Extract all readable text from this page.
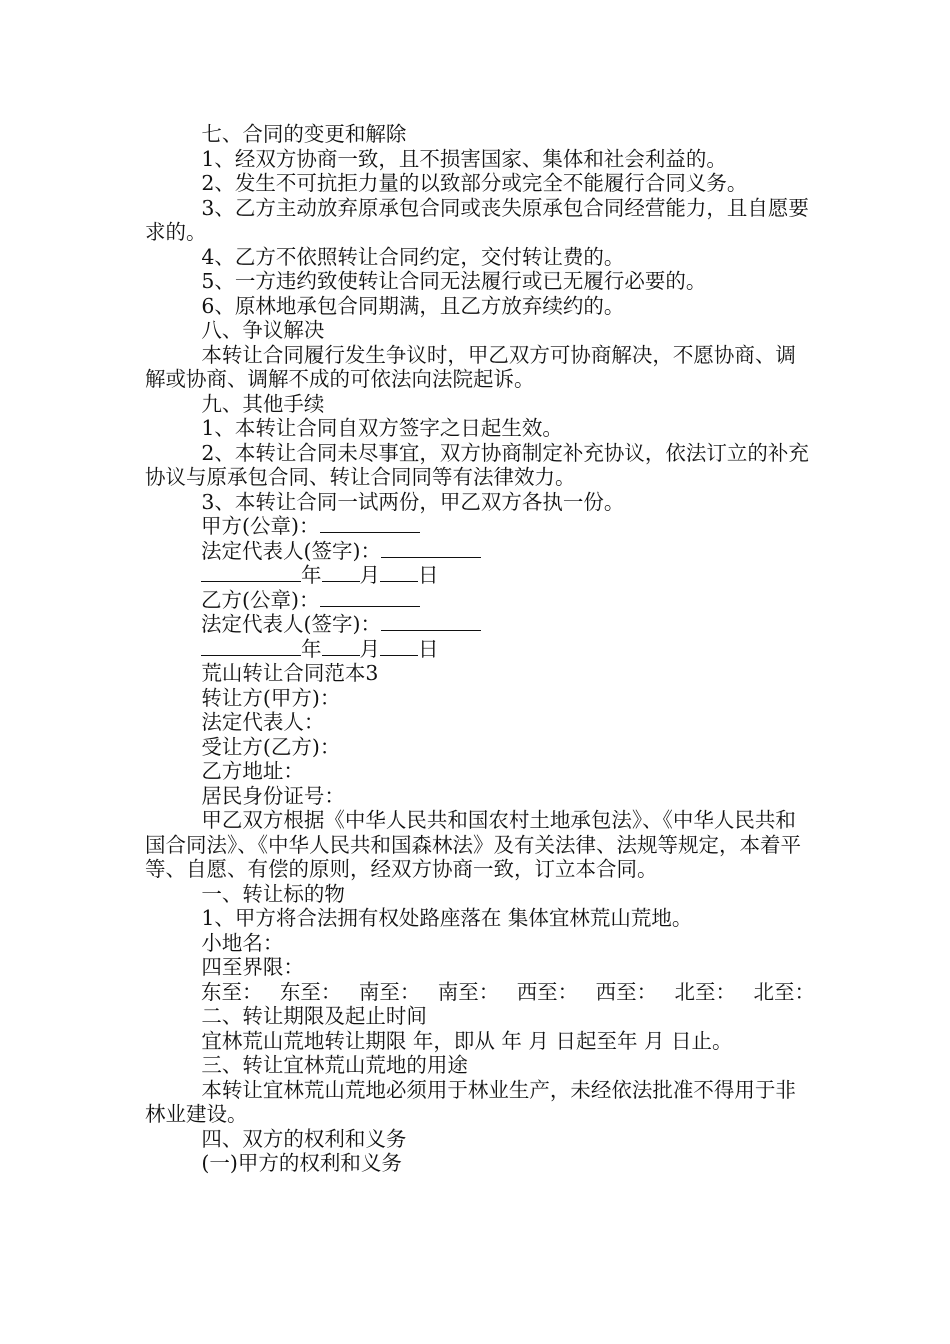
七、合同的变更和解除

1、经双方协商一致，且不损害国家、集体和社会利益的。

2、发生不可抗拒力量的以致部分或完全不能履行合同义务。

3、乙方主动放弃原承包合同或丧失原承包合同经营能力，且自愿要求的。

4、乙方不依照转让合同约定，交付转让费的。

5、一方违约致使转让合同无法履行或已无履行必要的。

6、原林地承包合同期满，且乙方放弃续约的。

八、争议解决

本转让合同履行发生争议时，甲乙双方可协商解决，不愿协商、调解或协商、调解不成的可依法向法院起诉。

九、其他手续

1、本转让合同自双方签字之日起生效。

2、本转让合同未尽事宜，双方协商制定补充协议，依法订立的补充协议与原承包合同、转让合同同等有法律效力。

3、本转让合同一试两份，甲乙双方各执一份。

甲方(公章)：
法定代表人(签字)：
年 月 日
乙方(公章)：
法定代表人(签字)：
年 月 日

荒山转让合同范本3

转让方(甲方)：

法定代表人：

受让方(乙方)：

乙方地址：

居民身份证号：

甲乙双方根据《中华人民共和国农村土地承包法》、《中华人民共和国合同法》、《中华人民共和国森林法》及有关法律、法规等规定，本着平等、自愿、有偿的原则，经双方协商一致，订立本合同。

一、转让标的物

1、甲方将合法拥有权处路座落在 集体宜林荒山荒地。

小地名：

四至界限：

东至： 东至： 南至： 南至： 西至： 西至： 北至： 北至：

二、转让期限及起止时间

宜林荒山荒地转让期限 年，即从 年 月 日起至年 月 日止。

三、转让宜林荒山荒地的用途

本转让宜林荒山荒地必须用于林业生产，未经依法批准不得用于非林业建设。

四、双方的权利和义务

(一)甲方的权利和义务
